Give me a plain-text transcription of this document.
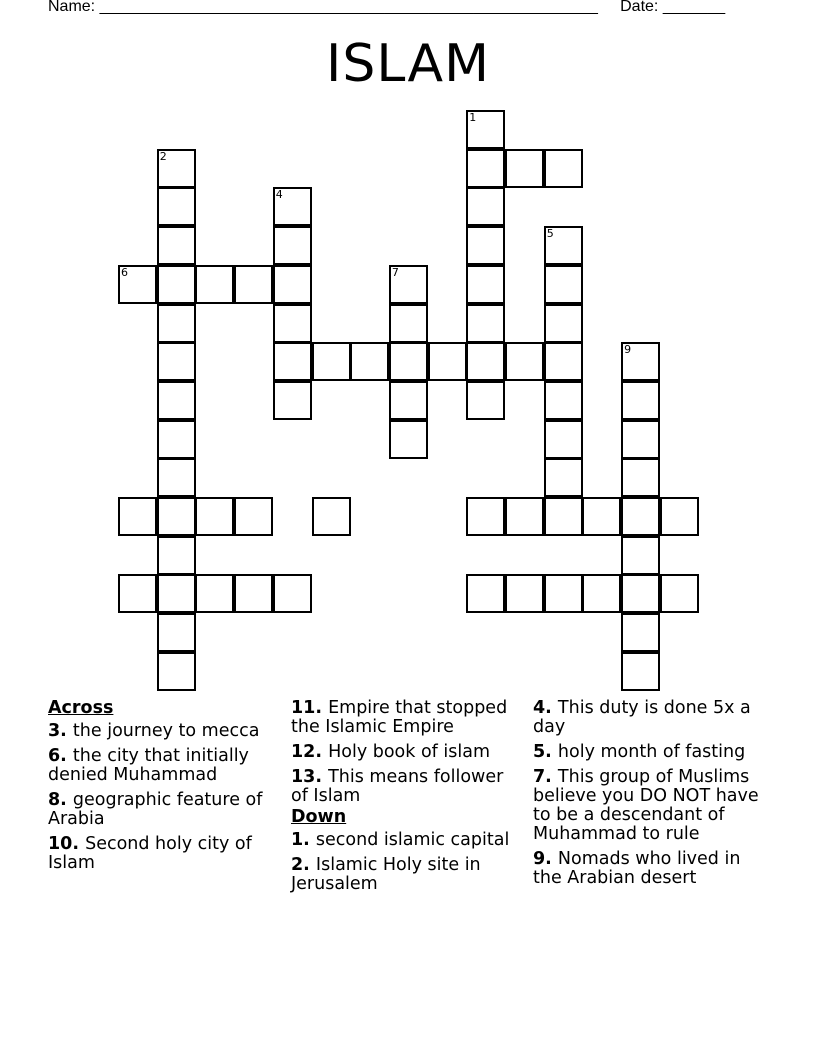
Name: ________________________________________________________ Date: _______
ISLAM
6
2
4
7
1
5
9
Across
3. the journey to mecca
6. the city that initially denied Muhammad
8. geographic feature of Arabia
10. Second holy city of Islam
11. Empire that stopped the Islamic Empire
12. Holy book of islam
13. This means follower of Islam
Down
1. second islamic capital
2. Islamic Holy site in Jerusalem
4. This duty is done 5x a day
5. holy month of fasting
7. This group of Muslims believe you DO NOT have to be a descendant of Muhammad to rule
9. Nomads who lived in the Arabian desert
